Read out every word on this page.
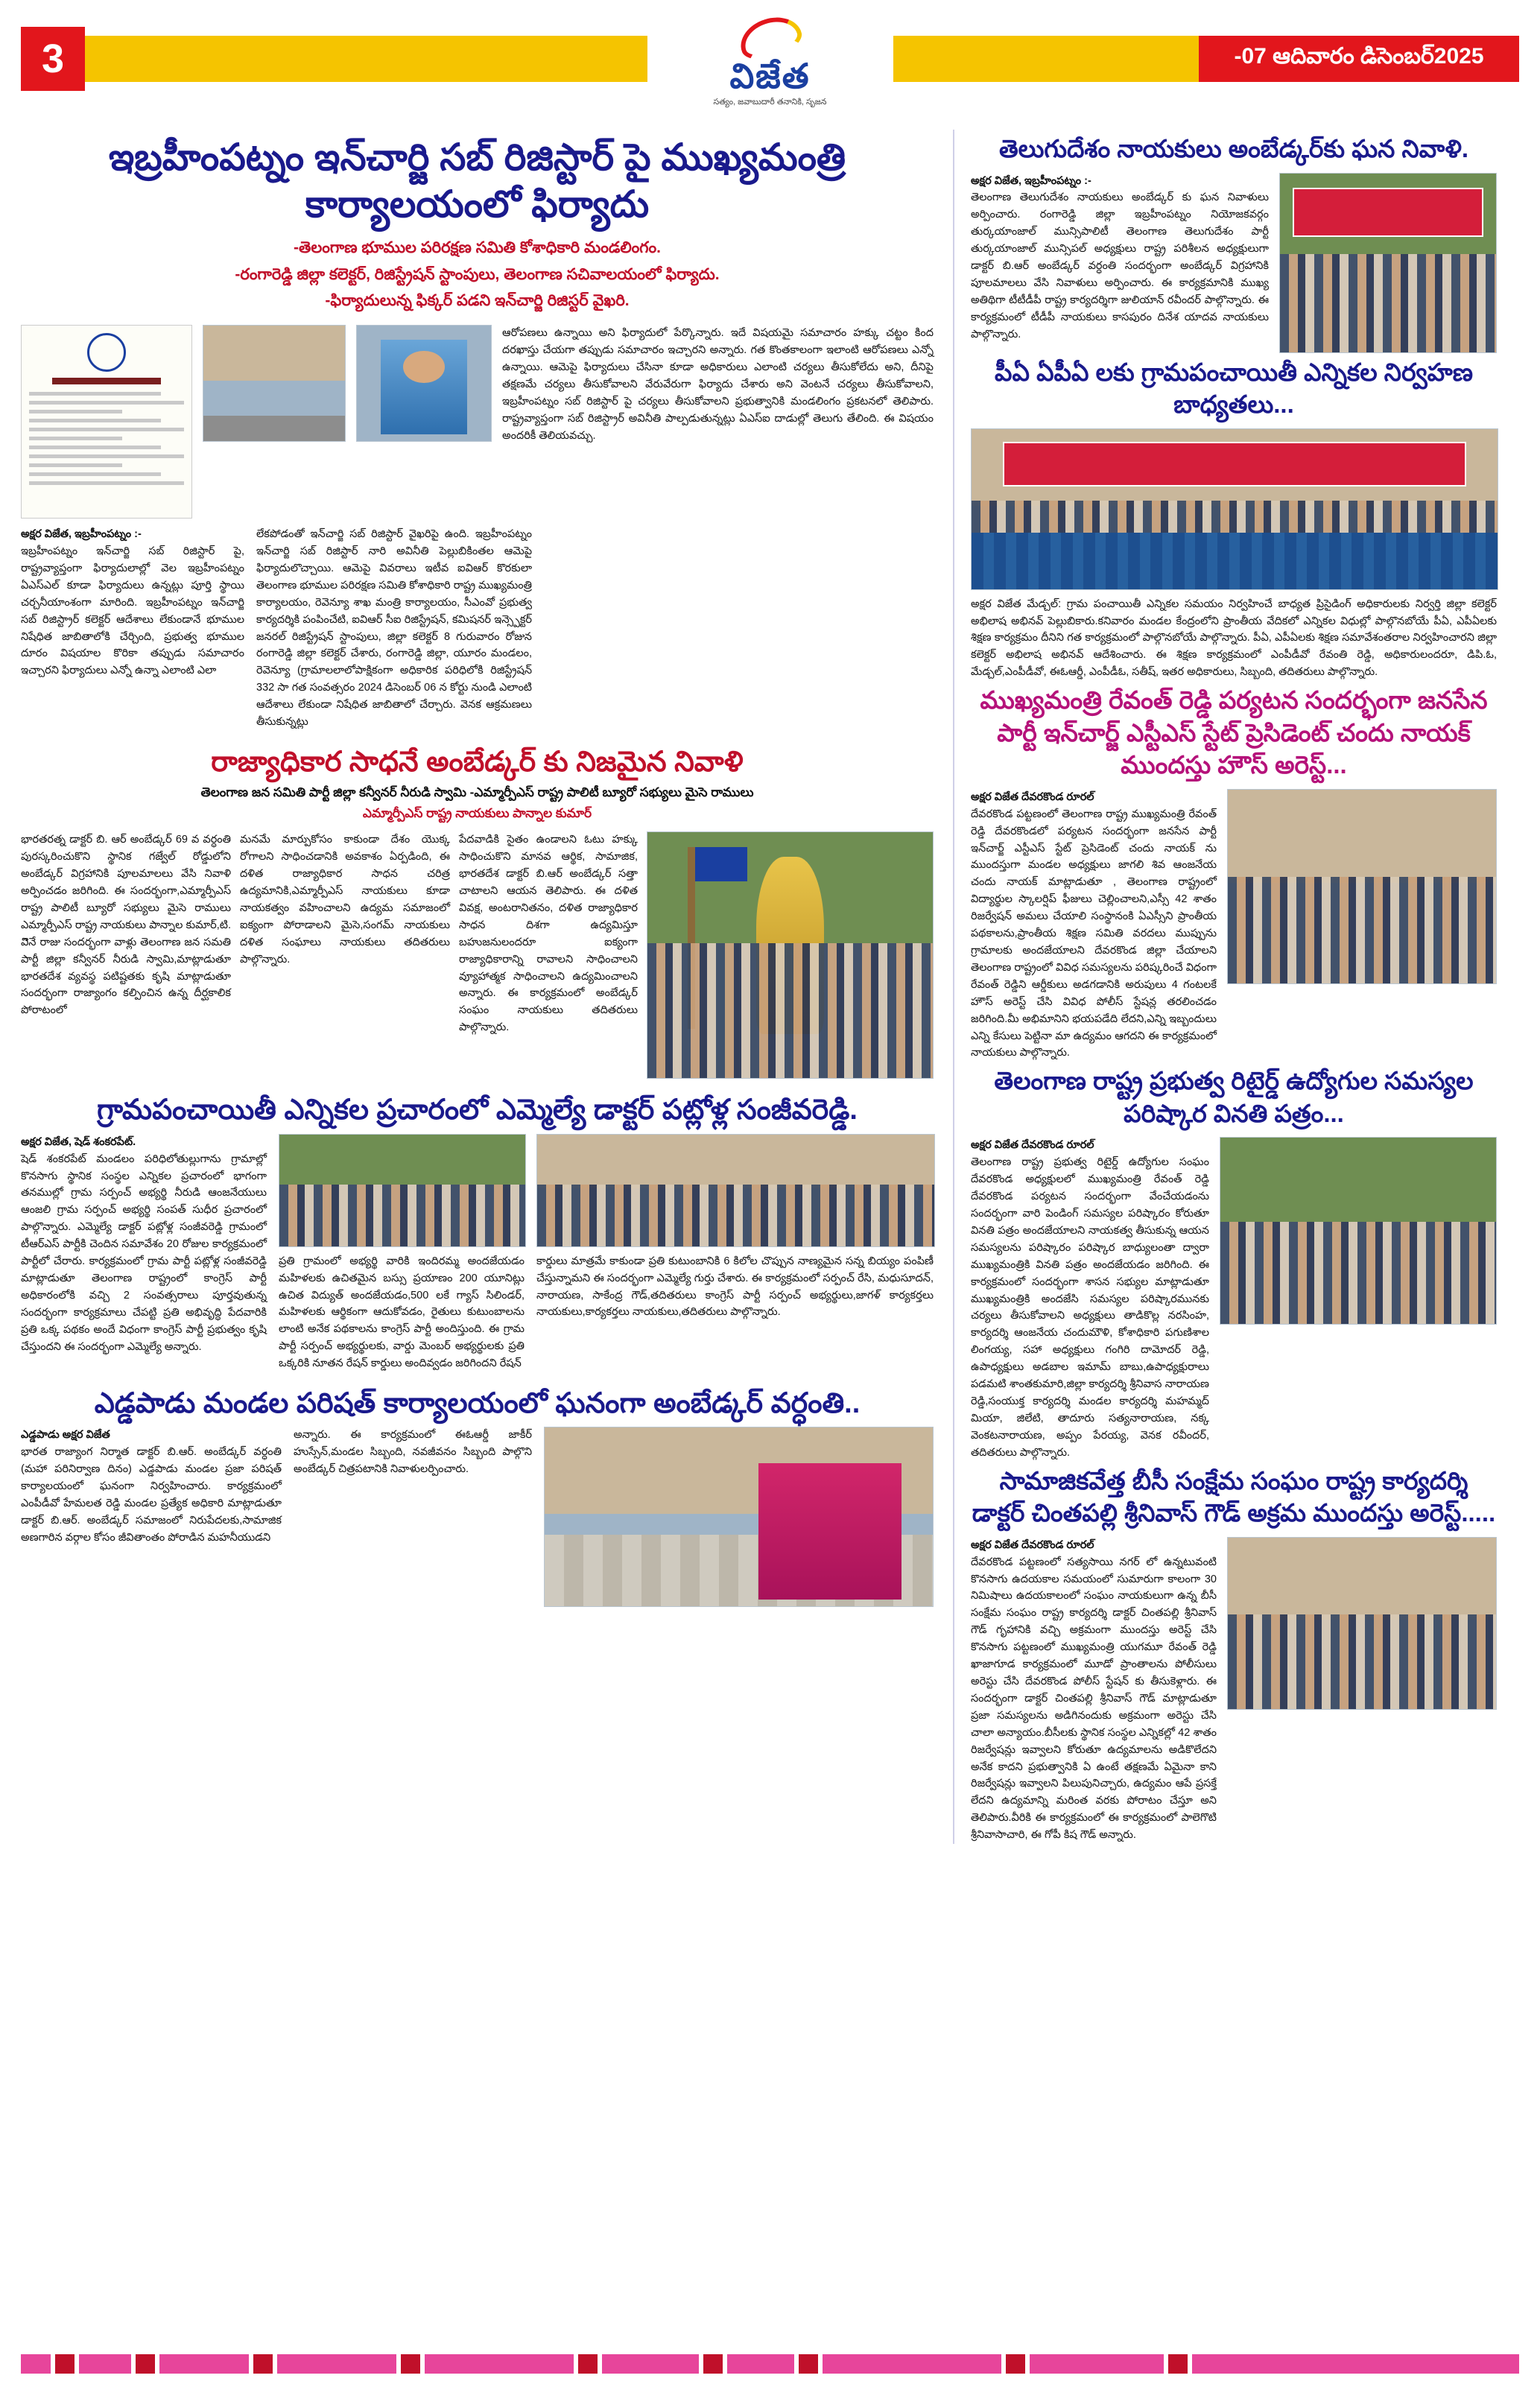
3	విజేత
సత్యం, జవాబుదారీ తనానికి, సృజన
-07 ఆదివారం డిసెంబర్2025
ఇబ్రహీంపట్నం ఇన్‌చార్జి సబ్ రిజిస్టార్ పై ముఖ్యమంత్రి కార్యాలయంలో ఫిర్యాదు
-తెలంగాణ భూముల పరిరక్షణ సమితి కోశాధికారి మండలింగం.
-రంగారెడ్డి జిల్లా కలెక్టర్, రిజిస్ట్రేషన్ స్టాంపులు, తెలంగాణ సచివాలయంలో ఫిర్యాదు.
-ఫిర్యాదులున్న ఫిక్కర్ పడని ఇన్‌చార్జి రిజిస్టర్ వైఖరి.
ఆరోపణలు ఉన్నాయి అని ఫిర్యాదులో పేర్కొన్నారు. ఇదే విషయమై సమాచారం హక్కు చట్టం కింద దరఖాస్తు చేయగా తప్పుడు సమాచారం ఇచ్చారని అన్నారు. గత కొంతకాలంగా ఇలాంటి ఆరోపణలు ఎన్నో ఉన్నాయి. ఆమెపై ఫిర్యాదులు చేసినా కూడా అధికారులు ఎలాంటి చర్యలు తీసుకోలేదు అని, దీనిపై తక్షణమే చర్యలు తీసుకోవాలని వేరువేరుగా ఫిర్యాదు చేశారు అని వెంటనే చర్యలు తీసుకోవాలని, ఇబ్రహీంపట్నం సబ్ రిజిస్టార్ పై చర్యలు తీసుకోవాలని ప్రభుత్వానికి మండలింగం ప్రకటనలో తెలిపారు. రాష్ట్రవ్యాప్తంగా సబ్ రిజిస్ట్రార్ అవినీతి పాల్పడుతున్నట్లు ఏఎస్ఐ దాడుల్లో తెలుగు తేలింది. ఈ విషయం అందరికీ తెలియవచ్చు.
అక్షర విజేత, ఇబ్రహీంపట్నం :-
ఇబ్రహీంపట్నం ఇన్‌చార్జి సబ్ రిజిస్టార్ పై, రాష్ట్రవ్యాప్తంగా ఫిర్యాదులాల్లో వెల ఇబ్రహీంపట్నం ఏఎస్ఎల్ కూడా ఫిర్యాదులు ఉన్నట్లు పూర్తి స్థాయి చర్చనీయాంశంగా మారింది. ఇబ్రహీంపట్నం ఇన్‌చార్జి సబ్ రిజిస్ట్రార్ కలెక్టర్ ఆదేశాలు లేకుండానే భూముల నిషేధిత జాబితాలోకి చేర్చింది, ప్రభుత్వ భూముల దూరం విషయాల కొరికా తప్పుడు సమాచారం ఇచ్చారని ఫిర్యాదులు ఎన్నో ఉన్నా ఎలాంటి ఎలా
లేకపోడంతో ఇన్‌చార్జి సబ్ రిజిస్టార్ వైఖరిపై ఉంది. ఇబ్రహీంపట్నం ఇన్‌చార్జి సబ్ రిజిస్టార్ నారి అవినీతి పెల్లుబికింతల ఆమెపై ఫిర్యాదులొచ్చాయి. ఆమెపై వివరాలు ఇటీవ ఐవిఆర్ కొరకులా తెలంగాణ భూముల పరిరక్షణ సమితి కోశాధికారి రాష్ట్ర ముఖ్యమంత్రి కార్యాలయం, రెవెన్యూ శాఖ మంత్రి కార్యాలయం, సీఎంవో ప్రభుత్వ కార్యదర్శికి పంపించేటి, ఐవిఆర్ సీఐ రిజిస్ట్రేషన్, కమిషనర్ ఇన్స్పెక్టర్ జనరల్ రిజిస్ట్రేషన్ స్టాంపులు, జిల్లా కలెక్టర్ 8 గురువారం రోజున రంగారెడ్డి జిల్లా కలెక్టర్ చేశారు, రంగారెడ్డి జిల్లా, యూరం మండలం, రెవెన్యూ (గ్రామాలలాలోపాక్షికంగా అధికారిక పరిధిలోకి రిజిస్ట్రేషన్ 332 సా గత సంవత్సరం 2024 డిసెంబర్ 06 న కోర్టు నుండి ఎలాంటి ఆదేశాలు లేకుండా నిషేధిత జాబితాలో చేర్చారు. వెనక ఆక్రమణలు తీసుకున్నట్లు
రాజ్యాధికార సాధనే అంబేడ్కర్ కు నిజమైన నివాళి
తెలంగాణ జన సమితి పార్టీ జిల్లా కన్వీనర్ నీరుడి స్వామి -ఎమ్మార్పీఎస్ రాష్ట్ర పాలిటీ బ్యూరో సభ్యులు మైసె రాములు
ఎమ్మార్పీఎస్ రాష్ట్ర నాయకులు పాన్నాల కుమార్
భారతరత్న డాక్టర్ బి. ఆర్ అంబేడ్కర్ 69 వ వర్ధంతి పురస్కరించుకొని స్థానిక గజ్వేల్ రోడ్డులోని అంబేడ్కర్ విగ్రహానికి పూలమాలలు వేసి నివాళి అర్పించడం జరిగింది. ఈ సందర్భంగా,ఎమ్మార్పీఎస్ రాష్ట్ర పాలిటీ బ్యూరో సభ్యులు మైసె రాములు ఎమ్మార్పీఎస్ రాష్ట్ర నాయకులు పాన్నాల కుమార్,టి. విెెనే రాజు సందర్భంగా వాళ్లు తెలంగాణ జన సమతి పార్టీ జిల్లా కన్వీనర్ నీరుడి స్వామి,మాట్లాడుతూ భారతదేశ వ్యవస్థ పటిష్టతకు కృషి మాట్లాడుతూ సందర్భంగా రాజ్యాంగం కల్పించిన ఉన్న దీర్ఘకాలిక పోరాటంలో
మనమే మార్పుకోసం కాకుండా దేశం యొక్క రోగాలని సాధించడానికి అవకాశం ఏర్పడింది, ఈ దళిత రాజ్యాధికార సాధన చరిత్ర ఉద్యమానికి,ఎమ్మార్పీఎస్ నాయకులు కూడా నాయకత్వం వహించాలని ఉద్యమ సమాజంలో ఐక్యంగా పోరాడాలని మైసె,సంగమ్ నాయకులు దళిత సంఘాలు నాయకులు తదితరులు పాల్గొన్నారు.
పేదవాడికి సైతం ఉండాలని ఓటు హక్కు సాధించుకొని మానవ ఆర్థిక, సామాజిక, భారతదేశ డాక్టర్ బి.ఆర్ అంబేడ్కర్ సత్తా చాటాలని ఆయన తెలిపారు. ఈ దళిత వివక్ష, అంటరానితనం, దళిత రాజ్యాధికార సాధన దిశగా ఉద్యమిస్తూ బహుజనులందరూ ఐక్యంగా రాజ్యాధికారాన్ని రావాలని సాధించాలని వ్యూహాత్మక సాధించాలని ఉద్యమించాలని అన్నారు. ఈ కార్యక్రమంలో అంబేడ్కర్ సంఘం నాయకులు తదితరులు పాల్గొన్నారు.
గ్రామపంచాయితీ ఎన్నికల ప్రచారంలో ఎమ్మెల్యే డాక్టర్ పట్లోళ్ల సంజీవరెడ్డి.
అక్షర విజేత, షెడ్ శంకరపేట్.
షెడ్ శంకరపేట్ మండలం పరిధిలోతుల్లుగాను గ్రామాల్లో కొనసాగు స్థానిక సంస్థల ఎన్నికల ప్రచారంలో భాగంగా తనముల్లో గ్రామ సర్పంచ్ అభ్యర్థి నీరుడి ఆంజనేయులు ఆంజలి గ్రామ సర్పంచ్ అభ్యర్థి సంపత్ సుధీర ప్రచారంలో పాల్గొన్నారు. ఎమ్మెల్యే డాక్టర్ పట్లోళ్ల సంజీవరెడ్డి గ్రామంలో టీఆర్ఎస్ పార్టీకి చెందిన సమావేశం 20 రోజుల కార్యక్రమంలో పార్టీలో చేరారు. కార్యక్రమంలో గ్రామ పార్టీ పట్లోళ్ల సంజీవరెడ్డి మాట్లాడుతూ తెలంగాణ రాష్ట్రంలో కాంగ్రెస్ పార్టీ అధికారంలోకి వచ్చి 2 సంవత్సరాలు పూర్తవుతున్న సందర్భంగా కార్యక్రమాలు చేపట్టి ప్రతి అభివృద్ధి పేదవారికి ప్రతి ఒక్క పథకం అందే విధంగా కాంగ్రెస్ పార్టీ ప్రభుత్వం కృషి చేస్తుందని ఈ సందర్భంగా ఎమ్మెల్యే అన్నారు.
ప్రతి గ్రామంలో అభ్యర్థి వారికి ఇందిరమ్మ అందజేయడం మహిళలకు ఉచితమైన బస్సు ప్రయాణం 200 యూనిట్లు ఉచిత విద్యుత్ అందజేయడం,500 లకే గ్యాస్ సిలిండర్, మహిళలకు ఆర్థికంగా ఆదుకోవడం, రైతులు కుటుంబాలను లాంటి అనేక పథకాలను కాంగ్రెస్ పార్టీ అందిస్తుంది. ఈ గ్రామ పార్టీ సర్పంచ్ అభ్యర్థులకు, వార్డు మెంబర్ అభ్యర్థులకు ప్రతి ఒక్కరికి నూతన రేషన్ కార్డులు అందివ్వడం జరిగిందని రేషన్
కార్డులు మాత్రమే కాకుండా ప్రతి కుటుంబానికి 6 కిలోల చొప్పున నాణ్యమైన సన్న బియ్యం పంపిణీ చేస్తున్నామని ఈ సందర్భంగా ఎమ్మెల్యే గుర్తు చేశారు. ఈ కార్యక్రమంలో సర్పంచ్ రేసి, మధుసూదన్, నారాయణ, సాకేంద్ర గౌడ్,తదితరులు కాంగ్రెస్ పార్టీ సర్పంచ్ అభ్యర్థులు,జాగళ్ కార్యకర్తలు నాయకులు,కార్యకర్తలు నాయకులు,తదితరులు పాల్గొన్నారు.
ఎడ్డపాడు మండల పరిషత్ కార్యాలయంలో ఘనంగా అంబేడ్కర్ వర్ధంతి..
ఎడ్డపాడు అక్షర విజేత
భారత రాజ్యాంగ నిర్మాత డాక్టర్ బి.ఆర్. అంబేడ్కర్ వర్ధంతి (మహా పరినిర్వాణ దినం) ఎడ్డపాడు మండల ప్రజా పరిషత్ కార్యాలయంలో ఘనంగా నిర్వహించారు. కార్యక్రమంలో ఎంపీడీవో హేమలత రెడ్డి మండల ప్రత్యేక అధికారి మాట్లాడుతూ డాక్టర్ బి.ఆర్. అంబేడ్కర్ సమాజంలో నిరుపేదలకు,సామాజిక అణగారిన వర్గాల కోసం జీవితాంతం పోరాడిన మహనీయుడని
అన్నారు. ఈ కార్యక్రమంలో ఈఓఆర్డీ జాకీర్ హుస్సేన్,మండల సిబ్బంది, నవజీవనం సిబ్బంది పాల్గొని అంబేడ్కర్ చిత్రపటానికి నివాళులర్పించారు.
తెలుగుదేశం నాయకులు అంబేడ్కర్‌కు ఘన నివాళి.
అక్షర విజేత, ఇబ్రహీంపట్నం :-
తెలంగాణ తెలుగుదేశం నాయకులు అంబేడ్కర్ కు ఘన నివాళులు అర్పించారు. రంగారెడ్డి జిల్లా ఇబ్రహీంపట్నం నియోజకవర్గం తుర్కయాంజాల్ మున్సిపాలిటీ తెలంగాణ తెలుగుదేశం పార్టీ తుర్కయాంజాల్ మున్సిపల్ అధ్యక్షులు రాష్ట్ర పరిశీలన అధ్యక్షులుగా డాక్టర్ బి.ఆర్ అంబేడ్కర్ వర్ధంతి సందర్భంగా అంబేడ్కర్ విగ్రహానికి పూలమాలలు వేసి నివాళులు అర్పించారు. ఈ కార్యక్రమానికి ముఖ్య అతిథిగా టీటీడీపీ రాష్ట్ర కార్యదర్శిగా జులియాన్ రవీందర్ పాల్గొన్నారు. ఈ కార్యక్రమంలో టీడీపీ నాయకులు కాసపురం దినేశ యాదవ నాయకులు పాల్గొన్నారు.
పీఏ ఏపీఏ లకు గ్రామపంచాయితీ ఎన్నికల నిర్వహణ బాధ్యతలు...
అక్షర విజేత మేడ్చల్: గ్రామ పంచాయితీ ఎన్నికల సమయం నిర్వహించే బాధ్యత ప్రిసైడింగ్ అధికారులకు నిర్వర్తి జిల్లా కలెక్టర్ అభిలాష అభినవ్ పెల్లుబికారు.కనివారం మండల కేంద్రంలోని ప్రాంతీయ వేదికలో ఎన్నికల విధుల్లో పాల్గొనబోయే పీఏ, ఎపీఏలకు శిక్షణ కార్యక్రమం దీనిని గత కార్యక్రమంలో పాల్గొనబోయే పాల్గొన్నారు. పీఏ, ఎపీఏలకు శిక్షణ సమావేశంతరాల నిర్వహించారని జిల్లా కలెక్టర్ అభిలాష అభినవ్ ఆదేశించారు. ఈ శిక్షణ కార్యక్రమంలో ఎంపీడీవో రేవంతి రెడ్డి, అధికారులందరూ, డిపి.ఓ, మేడ్చల్,ఎంపీడీవో, ఈఓఆర్డీ, ఎంపీడీఓ, సతీష్, ఇతర అధికారులు, సిబ్బంది, తదితరులు పాల్గొన్నారు.
ముఖ్యమంత్రి రేవంత్ రెడ్డి పర్యటన సందర్భంగా జనసేన పార్టీ ఇన్‌చార్జ్ ఎస్టీఎస్ స్టేట్ ప్రెసిడెంట్ చందు నాయక్ ముందస్తు హౌస్ అరెస్ట్...
అక్షర విజేత దేవరకొండ రూరల్
దేవరకొండ పట్టణంలో తెలంగాణ రాష్ట్ర ముఖ్యమంత్రి రేవంత్ రెడ్డి దేవరకొండలో పర్యటన సందర్భంగా జనసేన పార్టీ ఇన్‌చార్జ్ ఎస్టీఎస్ స్టేట్ ప్రెసిడెంట్ చందు నాయక్ ను ముందస్తుగా మండల అధ్యక్షులు జాగలి శివ ఆంజనేయ చందు నాయక్ మాట్లాడుతూ , తెలంగాణ రాష్ట్రంలో విద్యార్థుల స్కాలర్షిప్ ఫీజులు చెల్లించాలని,ఎస్సీ 42 శాతం రిజర్వేషన్ అమలు చేయాలి సంస్థానంకి ఏఎస్సీని ప్రాంతీయ పథకాలను,ప్రాంతీయ శిక్షణ సమితి వరదలు ముప్పును గ్రామాలకు అందజేయాలని దేవరకొండ జిల్లా చేయాలని తెలంగాణ రాష్ట్రంలో వివిధ సమస్యలను పరిష్కరించే విధంగా రేవంత్ రెడ్డిని ఆర్డీకులు అడగడానికి అరుపులు 4 గంటలకే హౌస్ అరెస్ట్ చేసి వివిధ పోలీస్ స్టేషన్ల తరలించడం జరిగింది.మీ అభిమానిని భయపడేది లేదని,ఎన్ని ఇబ్బందులు ఎన్ని కేసులు పెట్టినా మా ఉద్యమం ఆగదని ఈ కార్యక్రమంలో నాయకులు పాల్గొన్నారు.
తెలంగాణ రాష్ట్ర ప్రభుత్వ రిటైర్డ్ ఉద్యోగుల సమస్యల పరిష్కార వినతి పత్రం...
అక్షర విజేత దేవరకొండ రూరల్
తెలంగాణ రాష్ట్ర ప్రభుత్వ రిటైర్డ్ ఉద్యోగుల సంఘం దేవరకొండ అధ్యక్షులలో ముఖ్యమంత్రి రేవంత్ రెడ్డి దేవరకొండ పర్యటన సందర్భంగా వేంచేయడంను సందర్భంగా వారి పెండింగ్ సమస్యల పరిష్కారం కోరుతూ వినతి పత్రం అందజేయాలని నాయకత్వ తీసుకున్న ఆయన సమస్యలను పరిష్కారం పరిష్కార బాధ్యులంతా ద్వారా ముఖ్యమంత్రికి వినతి పత్రం అందజేయడం జరిగింది. ఈ కార్యక్రమంలో సందర్భంగా శాసన సభ్యుల మాట్లాడుతూ ముఖ్యమంత్రికి అందజేసి సమస్యల పరిష్కారమునకు చర్యలు తీసుకోవాలని అధ్యక్షులు తాడికొల్ల నరసింహ, కార్యదర్శి ఆంజనేయ చందుమౌళి, కోశాధికారి పగుణిశాల లింగయ్య, సహా అధ్యక్షులు గంగిరి దామోదర్ రెడ్డి, ఉపాధ్యక్షులు అడబాల ఇమామ్ బాబు,ఉపాధ్యక్షురాలు పడమటి శాంతకుమారి,జిల్లా కార్యదర్శి శ్రీనివాస నారాయణ రెడ్డి,సంయుక్త కార్యదర్శి మండల కార్యదర్శి మహమ్మద్ మియా, జిలేటి, తాదూరు సత్యనారాయణ, నక్క వెంకటనారాయణ, అప్పం పేరయ్య, వెనక రవీందర్, తదితరులు పాల్గొన్నారు.
సామాజికవేత్త బీసీ సంక్షేమ సంఘం రాష్ట్ర కార్యదర్శి డాక్టర్ చింతపల్లి శ్రీనివాస్ గౌడ్ అక్రమ ముందస్తు అరెస్ట్.....
అక్షర విజేత దేవరకొండ రూరల్
దేవరకొండ పట్టణంలో సత్యసాయి నగర్ లో ఉన్నటువంటి కొనసాగు ఉదయకాల సమయంలో సుమారుగా కాలంగా 30 నిమిషాలు ఉదయకాలంలో సంఘం నాయకులుగా ఉన్న బీసీ సంక్షేమ సంఘం రాష్ట్ర కార్యదర్శి డాక్టర్ చింతపల్లి శ్రీనివాస్ గౌడ్ గృహానికి వచ్చి అక్రమంగా ముందస్తు అరెస్ట్ చేసి కొనసాగు పట్టణంలో ముఖ్యమంత్రి యుగమూ రేవంత్ రెడ్డి ఖాజాగూడ కార్యక్రమంలో మూడో ప్రాంతాలను పోలీసులు అరెస్టు చేసి దేవరకొండ పోలీస్ స్టేషన్ కు తీసుకెళ్లారు. ఈ సందర్భంగా డాక్టర్ చింతపల్లి శ్రీనివాస్ గౌడ్ మాట్లాడుతూ ప్రజా సమస్యలను అడిగినందుకు అక్రమంగా అరెస్టు చేసి చాలా అన్యాయం.బీసీలకు స్థానిక సంస్థల ఎన్నికల్లో 42 శాతం రిజర్వేషన్లు ఇవ్వాలని కోరుతూ ఉద్యమాలను అడికొలేదని అనేక కాదని ప్రభుత్వానికి ఏ ఉంటే తక్షణమే ఏమైనా కాని రిజర్వేషన్లు ఇవ్వాలని పిలుపునిచ్చారు, ఉద్యమం ఆపే ప్రసక్తే లేదని ఉద్యమాన్ని మరింత వరకు పోరాటం చేస్తూ అని తెలిపారు.వీరికి ఈ కార్యక్రమంలో ఈ కార్యక్రమంలో పాలెగొటి శ్రీనివాసాచారి, ఈ గోపీ కిష గౌడ్ అన్నారు.
